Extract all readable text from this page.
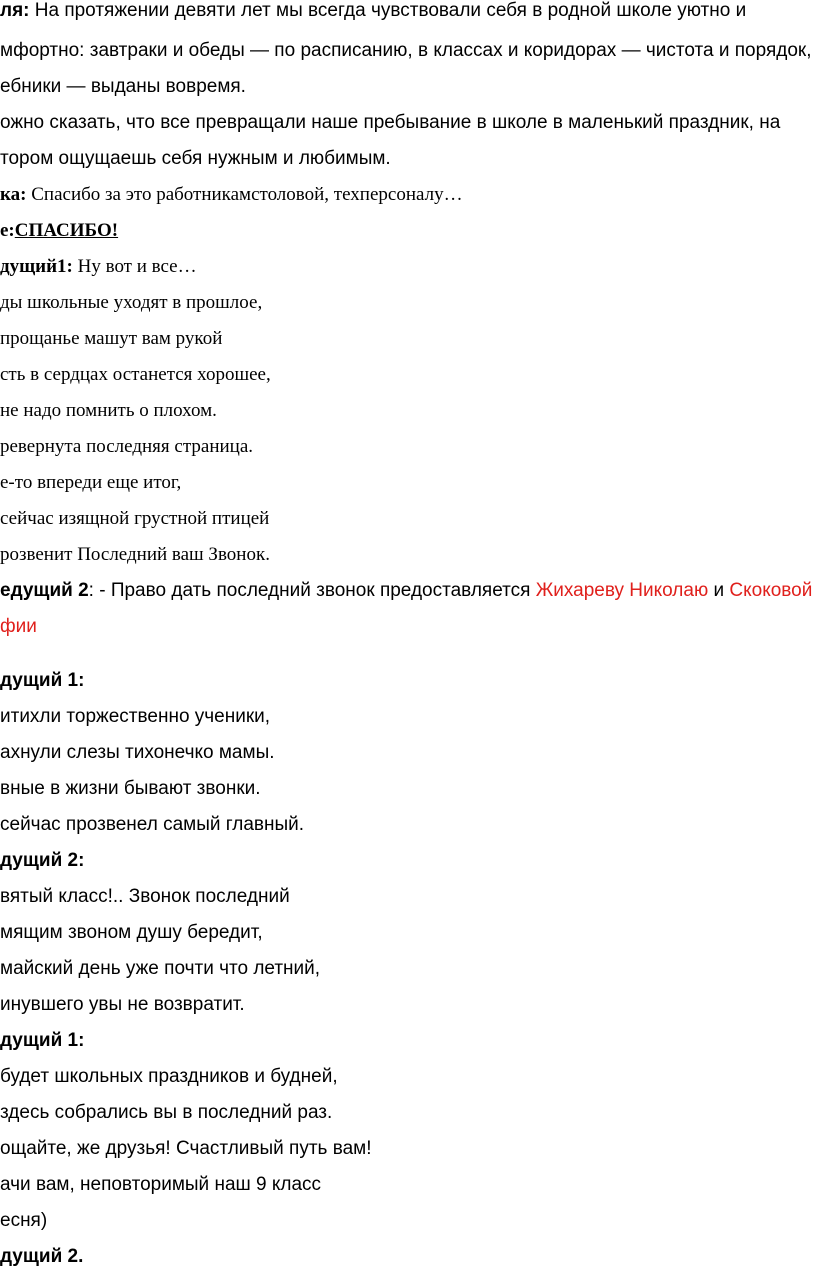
ля: На протяжении девяти лет мы всегда чувствовали себя в родной школе уютно и
мфортно: завтраки и обеды — по расписанию, в классах и коридорах — чистота и порядок,
ебники — выданы вовремя.
ожно сказать, что все превращали наше пребывание в школе в маленький праздник, на
тором ощущаешь себя нужным и любимым.
ка: Спасибо за это работникамстоловой, техперсоналу…
е:СПАСИБО!
дущий1: Ну вот и все…
ды школьные уходят в прошлое,
прощанье машут вам рукой
сть в сердцах останется хорошее,
не надо помнить о плохом.
ревернута последняя страница.
е-то впереди еще итог,
сейчас изящной грустной птицей
розвенит Последний ваш Звонок.
едущий 2: - Право дать последний звонок предоставляется Жихареву Николаю и Скоковой
фии
дущий 1:
итихли торжественно ученики,
ахнули слезы тихонечко мамы.
вные в жизни бывают звонки.
сейчас прозвенел самый главный.
дущий 2:
вятый класс!.. Звонок последний
мящим звоном душу бередит,
майский день уже почти что летний,
инувшего увы не возвратит.
дущий 1:
будет школьных праздников и будней,
здесь собрались вы в последний раз.
ощайте, же друзья! Счастливый путь вам!
ачи вам, неповторимый наш 9 класс
есня)
дущий 2.
